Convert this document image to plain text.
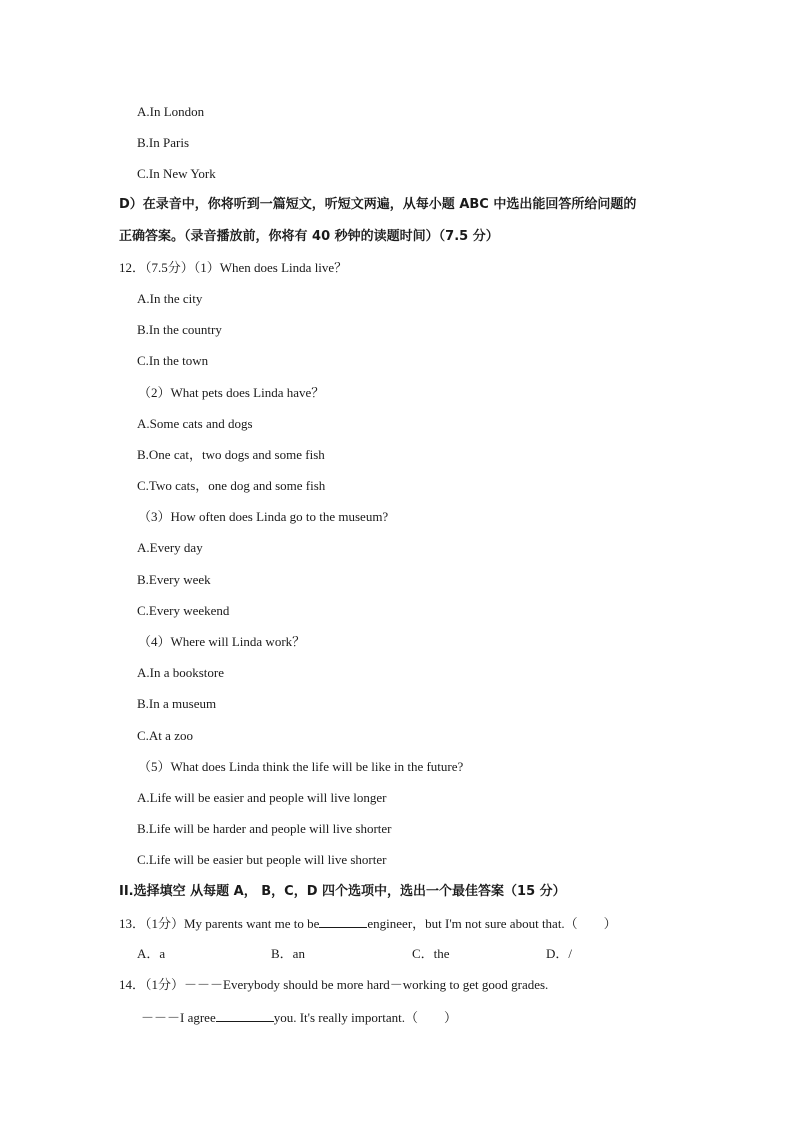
A.In London
B.In Paris
C.In New York
D）在录音中，你将听到一篇短文，听短文两遍，从每小题 ABC 中选出能回答所给问题的
正确答案。（录音播放前，你将有 40 秒钟的读题时间）（7.5 分）
12．（7.5分）（1）When does Linda live？
A.In the city
B.In the country
C.In the town
（2）What pets does Linda have？
A.Some cats and dogs
B.One cat，two dogs and some fish
C.Two cats，one dog and some fish
（3）How often does Linda go to the museum?
A.Every day
B.Every week
C.Every weekend
（4）Where will Linda work？
A.In a bookstore
B.In a museum
C.At a zoo
（5）What does Linda think the life will be like in the future?
A.Life will be easier and people will live longer
B.Life will be harder and people will live shorter
C.Life will be easier but people will live shorter
II.选择填空 从每题 A， B，C，D 四个选项中，选出一个最佳答案（15 分）
13．（1分）My parents want me to be	engineer，but I'm not sure about that.（　　）
A．a	B．an	C．the	D．/
14．（1分）－－－Everybody should be more hard－working to get good grades.
－－－I agree	you. It's really important.（　　）
